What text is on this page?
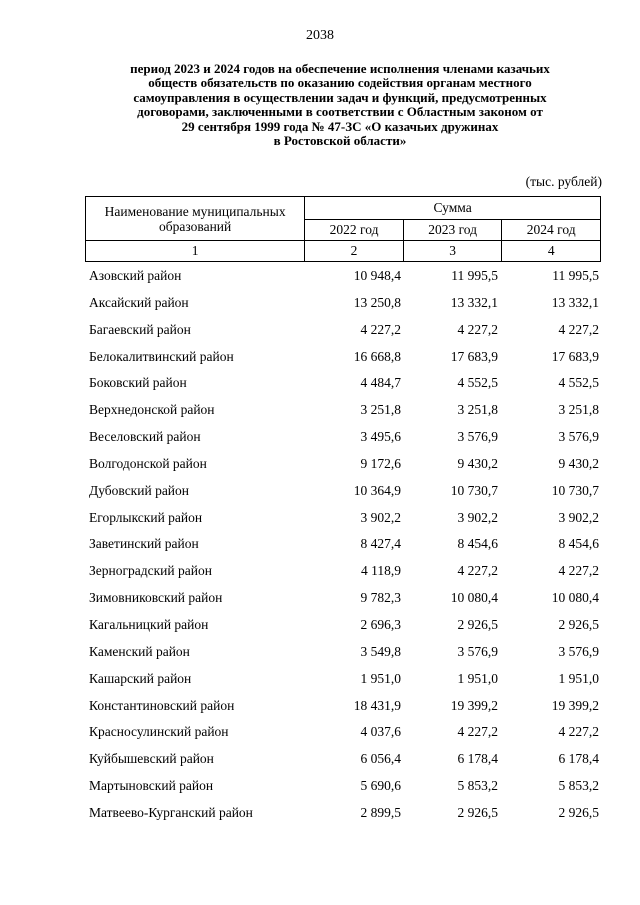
2038
период 2023 и 2024 годов на обеспечение исполнения членами казачьих
обществ обязательств по оказанию содействия органам местного
самоуправления в осуществлении задач и функций, предусмотренных
договорами, заключенными в соответствии с Областным законом от
29 сентября 1999 года № 47-ЗС «О казачьих дружинах
в Ростовской области»
(тыс. рублей)
Наименование муниципальных образований	Сумма		
	2022 год	2023 год	2024 год
1	2	3	4
Азовский район	10 948,4	11 995,5	11 995,5
Аксайский район	13 250,8	13 332,1	13 332,1
Багаевский район	4 227,2	4 227,2	4 227,2
Белокалитвинский район	16 668,8	17 683,9	17 683,9
Боковский район	4 484,7	4 552,5	4 552,5
Верхнедонской район	3 251,8	3 251,8	3 251,8
Веселовский район	3 495,6	3 576,9	3 576,9
Волгодонской район	9 172,6	9 430,2	9 430,2
Дубовский район	10 364,9	10 730,7	10 730,7
Егорлыкский район	3 902,2	3 902,2	3 902,2
Заветинский район	8 427,4	8 454,6	8 454,6
Зерноградский район	4 118,9	4 227,2	4 227,2
Зимовниковский район	9 782,3	10 080,4	10 080,4
Кагальницкий район	2 696,3	2 926,5	2 926,5
Каменский район	3 549,8	3 576,9	3 576,9
Кашарский район	1 951,0	1 951,0	1 951,0
Константиновский район	18 431,9	19 399,2	19 399,2
Красносулинский район	4 037,6	4 227,2	4 227,2
Куйбышевский район	6 056,4	6 178,4	6 178,4
Мартыновский район	5 690,6	5 853,2	5 853,2
Матвеево-Курганский район	2 899,5	2 926,5	2 926,5
